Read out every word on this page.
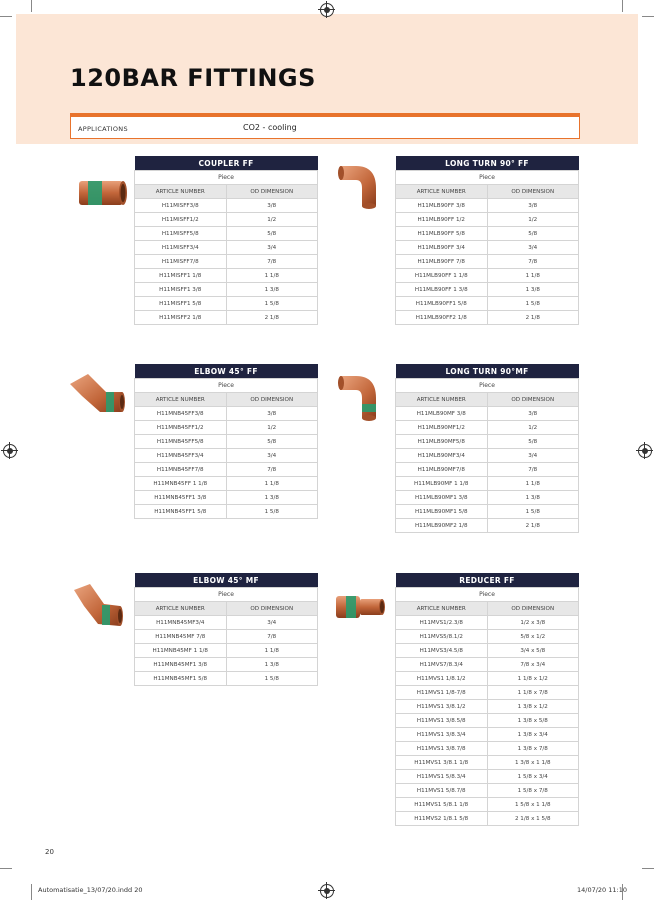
120BAR FITTINGS
APPLICATIONS	CO2 - cooling
COUPLER FF	
Piece	
ARTICLE NUMBER	OD DIMENSION
H11MISFF3/8	3/8
H11MISFF1/2	1/2
H11MISFF5/8	5/8
H11MISFF3/4	3/4
H11MISFF7/8	7/8
H11MISFF1 1/8	1 1/8
H11MISFF1 3/8	1 3/8
H11MISFF1 5/8	1 5/8
H11MISFF2 1/8	2 1/8
LONG TURN 90° FF	
Piece	
ARTICLE NUMBER	OD DIMENSION
H11MLB90FF 3/8	3/8
H11MLB90FF 1/2	1/2
H11MLB90FF 5/8	5/8
H11MLB90FF 3/4	3/4
H11MLB90FF 7/8	7/8
H11MLB90FF 1 1/8	1 1/8
H11MLB90FF 1 3/8	1 3/8
H11MLB90FF1 5/8	1 5/8
H11MLB90FF2 1/8	2 1/8
ELBOW 45° FF	
Piece	
ARTICLE NUMBER	OD DIMENSION
H11MNB45FF3/8	3/8
H11MNB45FF1/2	1/2
H11MNB45FF5/8	5/8
H11MNB45FF3/4	3/4
H11MNB45FF7/8	7/8
H11MNB45FF 1 1/8	1 1/8
H11MNB45FF1 3/8	1 3/8
H11MNB45FF1 5/8	1 5/8
LONG TURN 90°MF	
Piece	
ARTICLE NUMBER	OD DIMENSION
H11MLB90MF 3/8	3/8
H11MLB90MF1/2	1/2
H11MLB90MF5/8	5/8
H11MLB90MF3/4	3/4
H11MLB90MF7/8	7/8
H11MLB90MF 1 1/8	1 1/8
H11MLB90MF1 3/8	1 3/8
H11MLB90MF1 5/8	1 5/8
H11MLB90MF2 1/8	2 1/8
ELBOW 45° MF	
Piece	
ARTICLE NUMBER	OD DIMENSION
H11MNB45MF3/4	3/4
H11MNB45MF 7/8	7/8
H11MNB45MF 1 1/8	1 1/8
H11MNB45MF1 3/8	1 3/8
H11MNB45MF1 5/8	1 5/8
REDUCER FF	
Piece	
ARTICLE NUMBER	OD DIMENSION
H11MVS1/2.3/8	1/2 x 3/8
H11MVS5/8.1/2	5/8 x 1/2
H11MVS3/4.5/8	3/4 x 5/8
H11MVS7/8.3/4	7/8 x 3/4
H11MVS1 1/8.1/2	1 1/8 x 1/2
H11MVS1 1/8-7/8	1 1/8 x 7/8
H11MVS1 3/8.1/2	1 3/8 x 1/2
H11MVS1 3/8.5/8	1 3/8 x 5/8
H11MVS1 3/8.3/4	1 3/8 x 3/4
H11MVS1 3/8.7/8	1 3/8 x 7/8
H11MVS1 3/8.1 1/8	1 3/8 x 1 1/8
H11MVS1 5/8.3/4	1 5/8 x 3/4
H11MVS1 5/8.7/8	1 5/8 x 7/8
H11MVS1 5/8.1 1/8	1 5/8 x 1 1/8
H11MVS2 1/8.1 5/8	2 1/8 x 1 5/8
20
Automatisatie_13/07/20.indd 20	14/07/20 11:10
